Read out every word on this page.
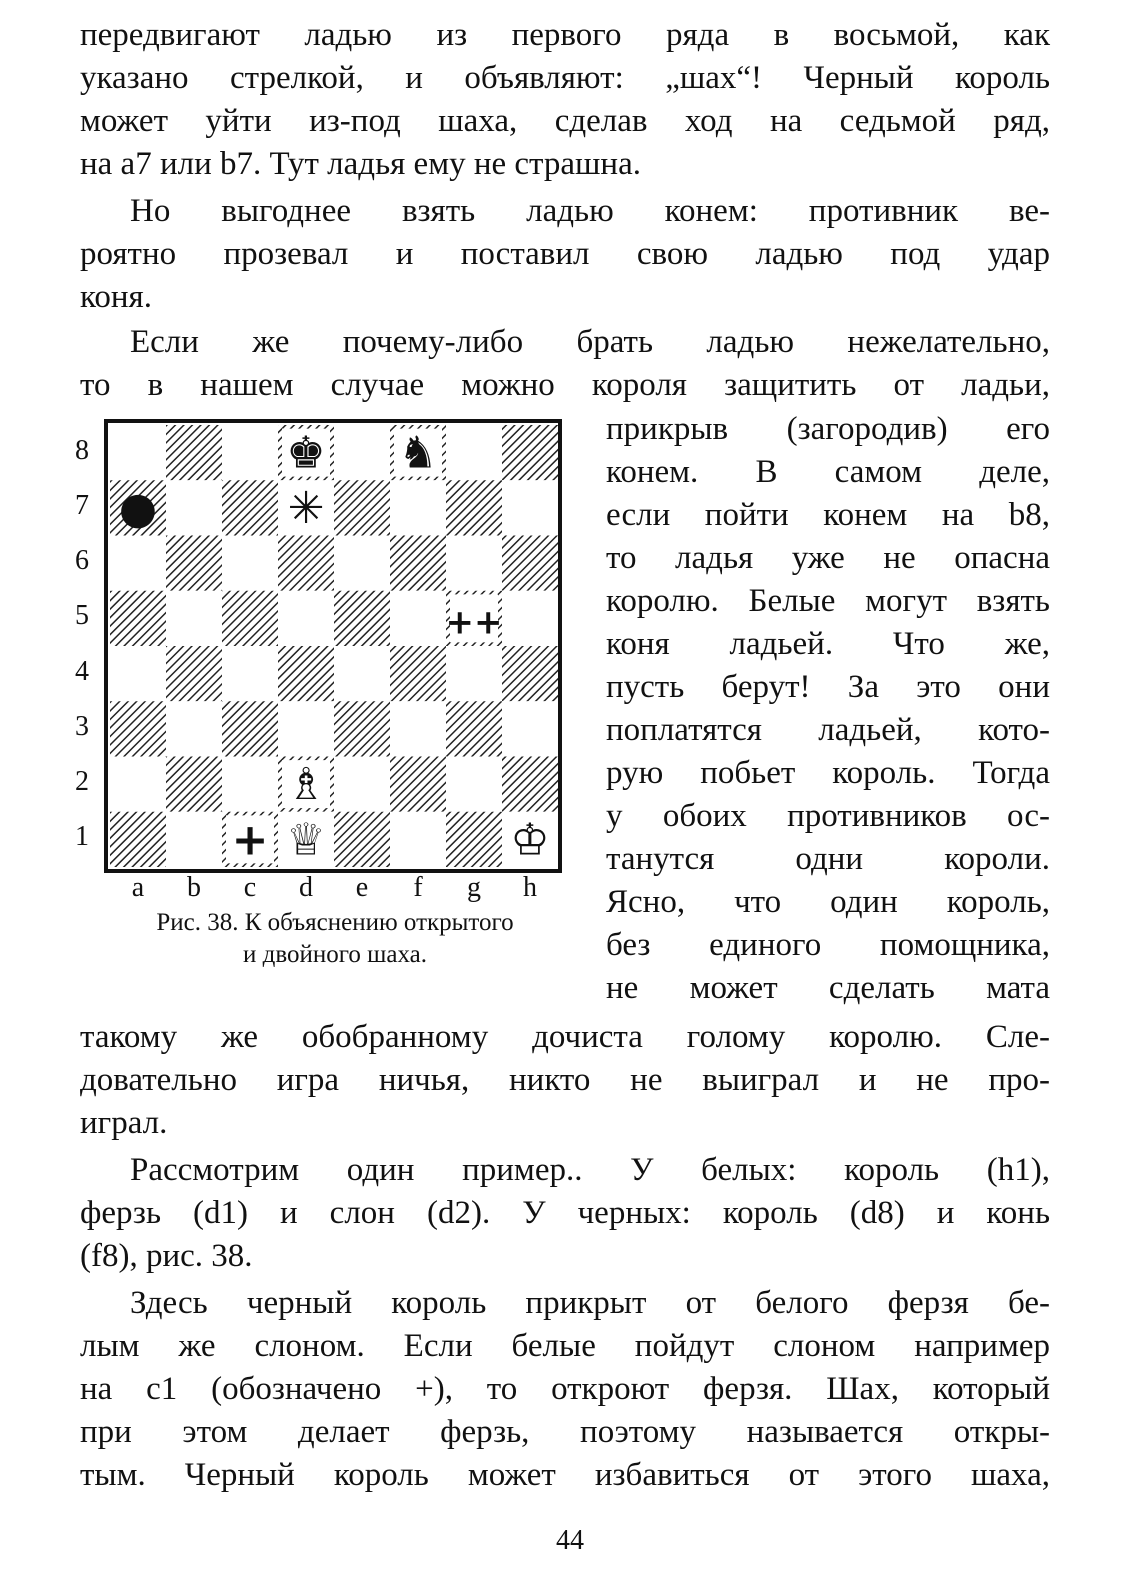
передвигают ладью из первого ряда в восьмой, как
указано стрелкой, и объявляют: „шах“! Черный король
может уйти из-под шаха, сделав ход на седьмой ряд,
на а7 или b7. Тут ладья ему не страшна.
Но выгоднее взять ладью конем: противник ве-
роятно прозевал и поставил свою ладью под удар
коня.
Если же почему-либо брать ладью нежелательно,
то в нашем случае можно короля защитить от ладьи,
прикрыв (загородив) его
конем. В самом деле,
если пойти конем на b8,
то ладья уже не опасна
королю. Белые могут взять
коня ладьей. Что же,
пусть берут! За это они
поплатятся ладьей, кото-
рую побьет король. Тогда
у обоих противников ос-
танутся одни короли.
Ясно, что один король,
без единого помощника,
не может сделать мата
♚ ♞
♗
♕	♔
●	✳
++
+
8
7
6
5
4
3
2
1
a	b	c	d	e	f	g	h
Рис. 38. К объяснению открытого
и двойного шаха.
такому же обобранному дочиста голому королю. Сле-
довательно игра ничья, никто не выиграл и не про-
играл.
Рассмотрим один пример.. У белых: король (h1),
ферзь (d1) и слон (d2). У черных: король (d8) и конь
(f8), рис. 38.
Здесь черный король прикрыт от белого ферзя бе-
лым же слоном. Если белые пойдут слоном например
на c1 (обозначено +), то откроют ферзя. Шах, который
при этом делает ферзь, поэтому называется откры-
тым. Черный король может избавиться от этого шаха,
44
